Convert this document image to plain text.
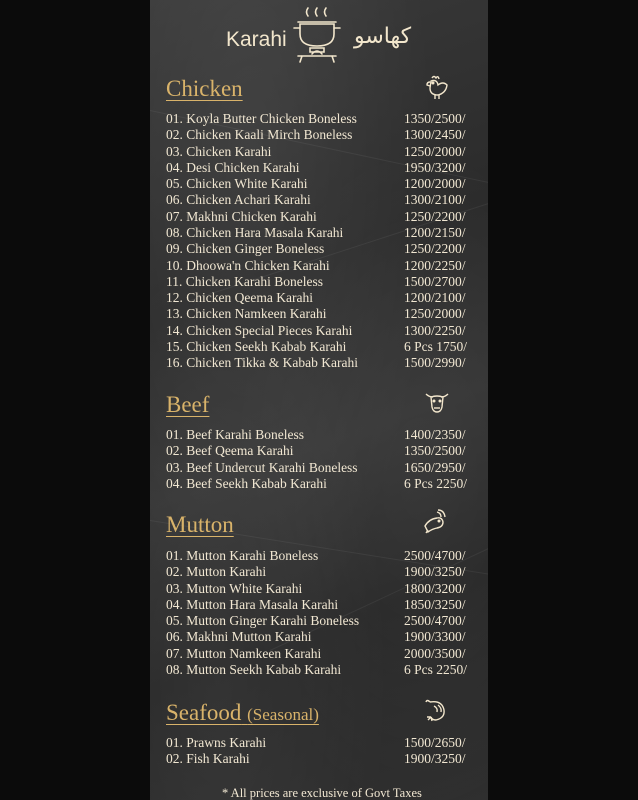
Karahi	کھاسو
Chicken
01. Koyla Butter Chicken Boneless	1350/2500/
02. Chicken Kaali Mirch Boneless	1300/2450/
03. Chicken Karahi	1250/2000/
04. Desi Chicken Karahi	1950/3200/
05. Chicken White Karahi	1200/2000/
06. Chicken Achari Karahi	1300/2100/
07. Makhni Chicken Karahi	1250/2200/
08. Chicken Hara Masala Karahi	1200/2150/
09. Chicken Ginger Boneless	1250/2200/
10. Dhoowa'n Chicken Karahi	1200/2250/
11. Chicken Karahi Boneless	1500/2700/
12. Chicken Qeema Karahi	1200/2100/
13. Chicken Namkeen Karahi	1250/2000/
14. Chicken Special Pieces Karahi	1300/2250/
15. Chicken Seekh Kabab Karahi	6 Pcs 1750/
16. Chicken Tikka & Kabab Karahi	1500/2990/
Beef
01. Beef Karahi Boneless	1400/2350/
02. Beef Qeema Karahi	1350/2500/
03. Beef Undercut Karahi Boneless	1650/2950/
04. Beef Seekh Kabab Karahi	6 Pcs 2250/
Mutton
01. Mutton Karahi Boneless	2500/4700/
02. Mutton Karahi	1900/3250/
03. Mutton White Karahi	1800/3200/
04. Mutton Hara Masala Karahi	1850/3250/
05. Mutton Ginger Karahi Boneless	2500/4700/
06. Makhni Mutton Karahi	1900/3300/
07. Mutton Namkeen Karahi	2000/3500/
08. Mutton Seekh Kabab Karahi	6 Pcs 2250/
Seafood (Seasonal)
01. Prawns Karahi	1500/2650/
02. Fish Karahi	1900/3250/
* All prices are exclusive of Govt Taxes
